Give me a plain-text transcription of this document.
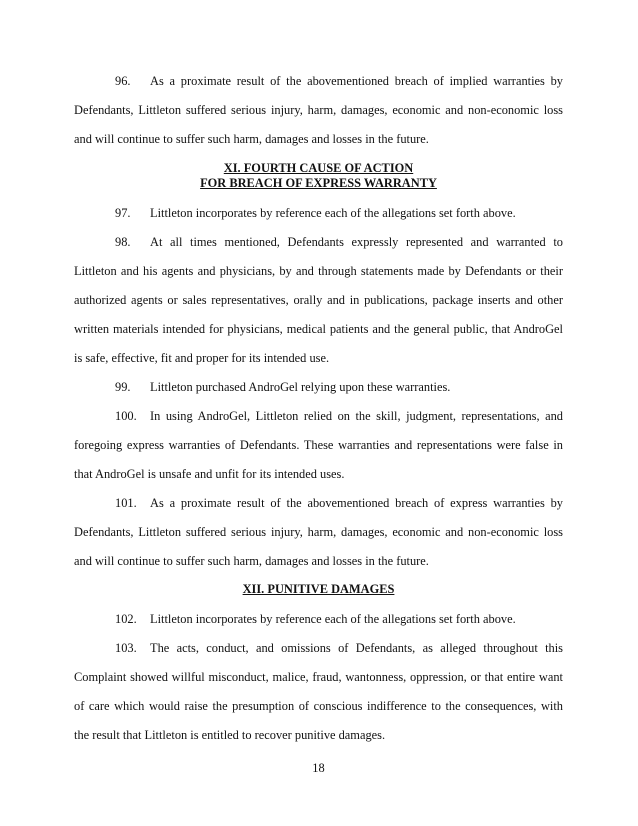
96. As a proximate result of the abovementioned breach of implied warranties by
Defendants, Littleton suffered serious injury, harm, damages, economic and non-economic loss
and will continue to suffer such harm, damages and losses in the future.
XI. FOURTH CAUSE OF ACTION
FOR BREACH OF EXPRESS WARRANTY
97. Littleton incorporates by reference each of the allegations set forth above.
98. At all times mentioned, Defendants expressly represented and warranted to
Littleton and his agents and physicians, by and through statements made by Defendants or their
authorized agents or sales representatives, orally and in publications, package inserts and other
written materials intended for physicians, medical patients and the general public, that AndroGel
is safe, effective, fit and proper for its intended use.
99. Littleton purchased AndroGel relying upon these warranties.
100. In using AndroGel, Littleton relied on the skill, judgment, representations, and
foregoing express warranties of Defendants. These warranties and representations were false in
that AndroGel is unsafe and unfit for its intended uses.
101. As a proximate result of the abovementioned breach of express warranties by
Defendants, Littleton suffered serious injury, harm, damages, economic and non-economic loss
and will continue to suffer such harm, damages and losses in the future.
XII. PUNITIVE DAMAGES
102. Littleton incorporates by reference each of the allegations set forth above.
103. The acts, conduct, and omissions of Defendants, as alleged throughout this
Complaint showed willful misconduct, malice, fraud, wantonness, oppression, or that entire want
of care which would raise the presumption of conscious indifference to the consequences, with
the result that Littleton is entitled to recover punitive damages.
18
